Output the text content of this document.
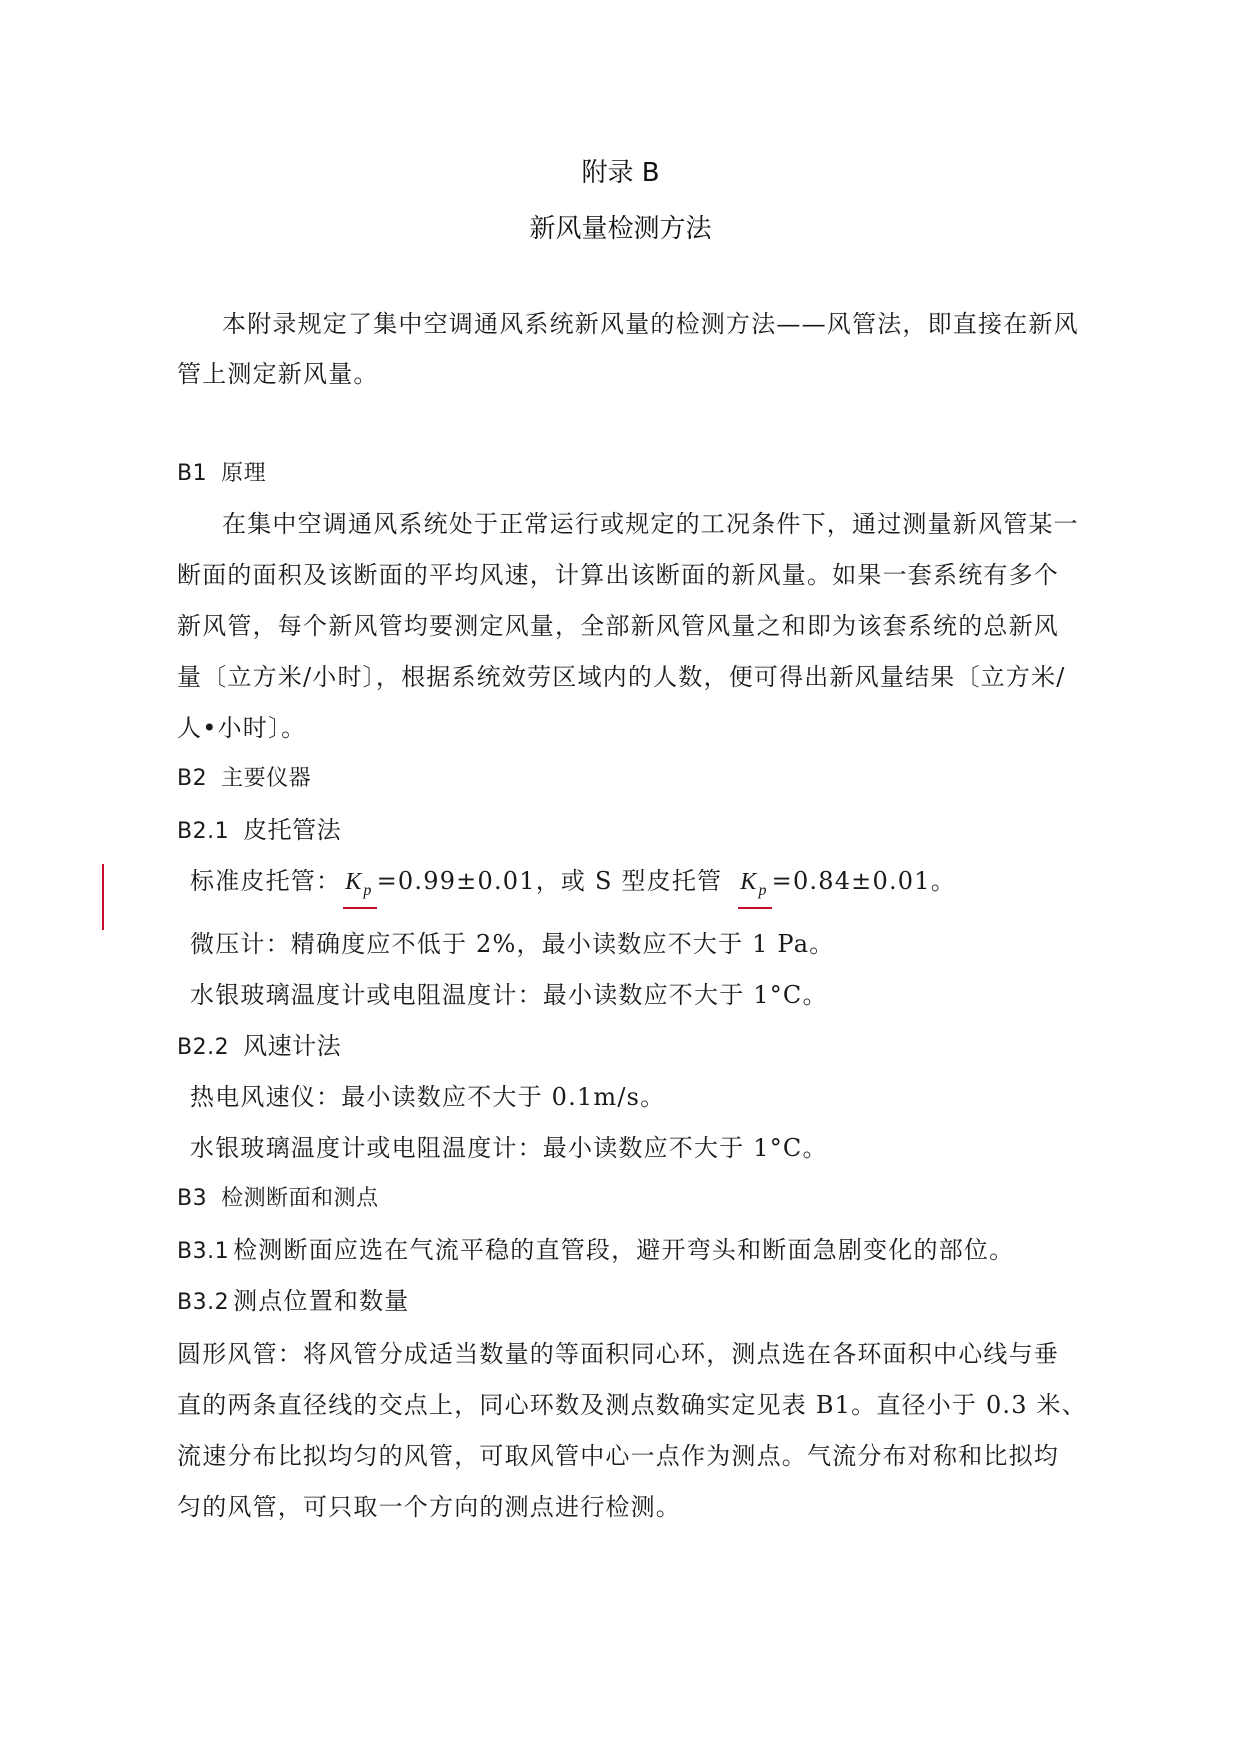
附录 B
新风量检测方法
本附录规定了集中空调通风系统新风量的检测方法——风管法，即直接在新风
管上测定新风量。
B1 原理
在集中空调通风系统处于正常运行或规定的工况条件下，通过测量新风管某一
断面的面积及该断面的平均风速，计算出该断面的新风量。如果一套系统有多个
新风管，每个新风管均要测定风量，全部新风管风量之和即为该套系统的总新风
量〔立方米/小时〕，根据系统效劳区域内的人数，便可得出新风量结果〔立方米/
人•小时〕。
B2 主要仪器
B2.1 皮托管法
标准皮托管： $K_p =0.99\pm 0.01$，或 S 型皮托管 $K_p =0.84\pm 0.01$。
微压计：精确度应不低于 2%，最小读数应不大于 1 Pa。
水银玻璃温度计或电阻温度计：最小读数应不大于 1°C。
B2.2 风速计法
热电风速仪：最小读数应不大于 0.1m/s。
水银玻璃温度计或电阻温度计：最小读数应不大于 1°C。
B3 检测断面和测点
B3.1 检测断面应选在气流平稳的直管段，避开弯头和断面急剧变化的部位。
B3.2 测点位置和数量
圆形风管：将风管分成适当数量的等面积同心环，测点选在各环面积中心线与垂
直的两条直径线的交点上，同心环数及测点数确实定见表 B1。直径小于 0.3 米、
流速分布比拟均匀的风管，可取风管中心一点作为测点。气流分布对称和比拟均
匀的风管，可只取一个方向的测点进行检测。
